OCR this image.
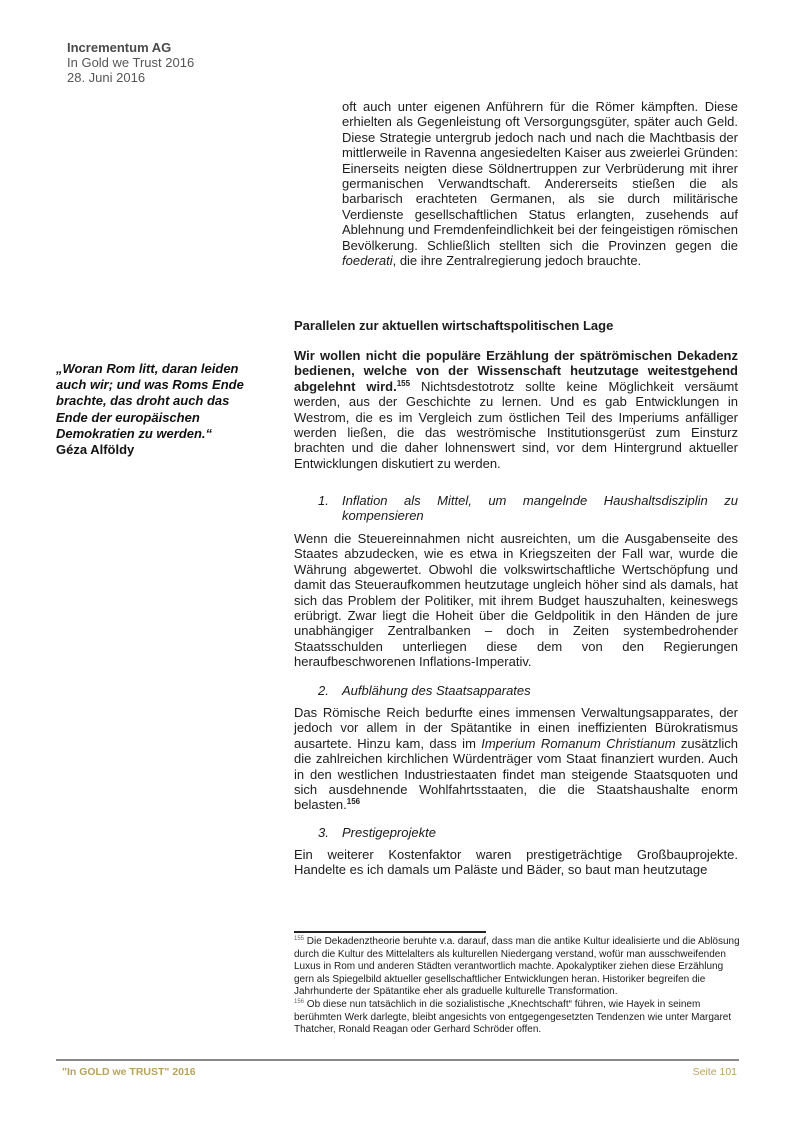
Incrementum AG
In Gold we Trust 2016
28. Juni 2016

oft auch unter eigenen Anführern für die Römer kämpften. Diese erhielten als Gegenleistung oft Versorgungsgüter, später auch Geld. Diese Strategie untergrub jedoch nach und nach die Machtbasis der mittlerweile in Ravenna angesiedelten Kaiser aus zweierlei Gründen: Einerseits neigten diese Söldnertruppen zur Verbrüderung mit ihrer germanischen Verwandtschaft. Andererseits stießen die als barbarisch erachteten Germanen, als sie durch militärische Verdienste gesellschaftlichen Status erlangten, zusehends auf Ablehnung und Fremdenfeindlichkeit bei der feingeistigen römischen Bevölkerung. Schließlich stellten sich die Provinzen gegen die foederati, die ihre Zentralregierung jedoch brauchte.

Parallelen zur aktuellen wirtschaftspolitischen Lage

Wir wollen nicht die populäre Erzählung der spätrömischen Dekadenz bedienen, welche von der Wissenschaft heutzutage weitestgehend abgelehnt wird.$^{155}$ Nichtsdestotrotz sollte keine Möglichkeit versäumt werden, aus der Geschichte zu lernen. Und es gab Entwicklungen in Westrom, die es im Vergleich zum östlichen Teil des Imperiums anfälliger werden ließen, die das weströmische Institutionsgerüst zum Einsturz brachten und die daher lohnenswert sind, vor dem Hintergrund aktueller Entwicklungen diskutiert zu werden.

„Woran Rom litt, daran leiden auch wir; und was Roms Ende brachte, das droht auch das Ende der europäischen Demokratien zu werden.“
Géza Alföldy
1. Inflation als Mittel, um mangelnde Haushaltsdisziplin zu kompensieren

Wenn die Steuereinnahmen nicht ausreichten, um die Ausgabenseite des Staates abzudecken, wie es etwa in Kriegszeiten der Fall war, wurde die Währung abgewertet. Obwohl die volkswirtschaftliche Wertschöpfung und damit das Steueraufkommen heutzutage ungleich höher sind als damals, hat sich das Problem der Politiker, mit ihrem Budget hauszuhalten, keineswegs erübrigt. Zwar liegt die Hoheit über die Geldpolitik in den Händen de jure unabhängiger Zentralbanken – doch in Zeiten systembedrohender Staatsschulden unterliegen diese dem von den Regierungen heraufbeschworenen Inflations-Imperativ.

2. Aufblähung des Staatsapparates

Das Römische Reich bedurfte eines immensen Verwaltungsapparates, der jedoch vor allem in der Spätantike in einen ineffizienten Bürokratismus ausartete. Hinzu kam, dass im Imperium Romanum Christianum zusätzlich die zahlreichen kirchlichen Würdenträger vom Staat finanziert wurden. Auch in den westlichen Industriestaaten findet man steigende Staatsquoten und sich ausdehnende Wohlfahrtsstaaten, die die Staatshaushalte enorm belasten.$^{156}$

3. Prestigeprojekte

Ein weiterer Kostenfaktor waren prestigeträchtige Großbauprojekte. Handelte es ich damals um Paläste und Bäder, so baut man heutzutage

$^{155}$ Die Dekadenztheorie beruhte v.a. darauf, dass man die antike Kultur idealisierte und die Ablösung durch die Kultur des Mittelalters als kulturellen Niedergang verstand, wofür man ausschweifenden Luxus in Rom und anderen Städten verantwortlich machte. Apokalyptiker ziehen diese Erzählung gern als Spiegelbild aktueller gesellschaftlicher Entwicklungen heran. Historiker begreifen die Jahrhunderte der Spätantike eher als graduelle kulturelle Transformation.

$^{156}$ Ob diese nun tatsächlich in die sozialistische „Knechtschaft“ führen, wie Hayek in seinem berühmten Werk darlegte, bleibt angesichts von entgegengesetzten Tendenzen wie unter Margaret Thatcher, Ronald Reagan oder Gerhard Schröder offen.

"In GOLD we TRUST" 2016	Seite 101
